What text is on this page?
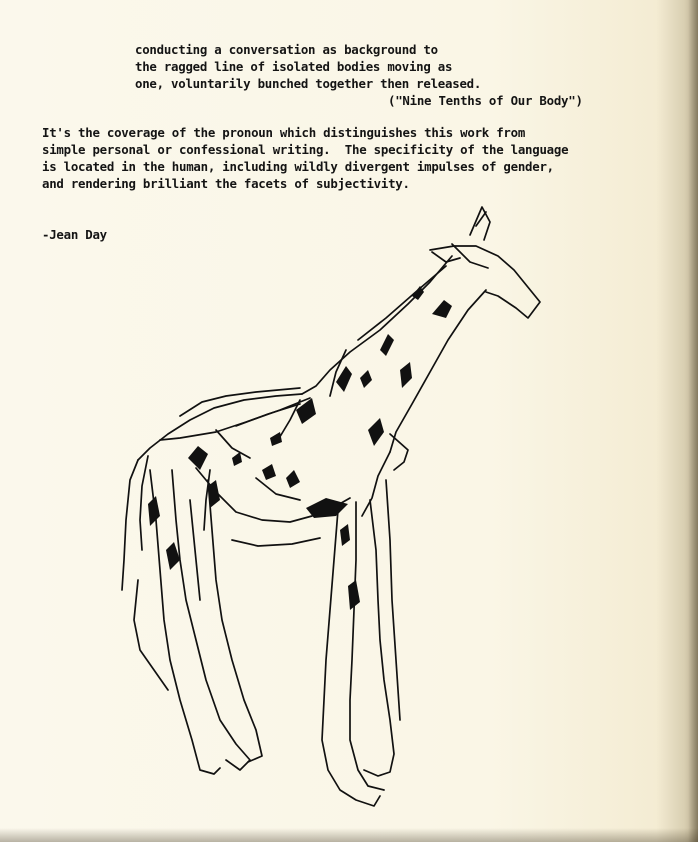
conducting a conversation as background to
the ragged line of isolated bodies moving as
one, voluntarily bunched together then released.
("Nine Tenths of Our Body")
It's the coverage of the pronoun which distinguishes this work from
simple personal or confessional writing.  The specificity of the language
is located in the human, including wildly divergent impulses of gender,
and rendering brilliant the facets of subjectivity.
-Jean Day
